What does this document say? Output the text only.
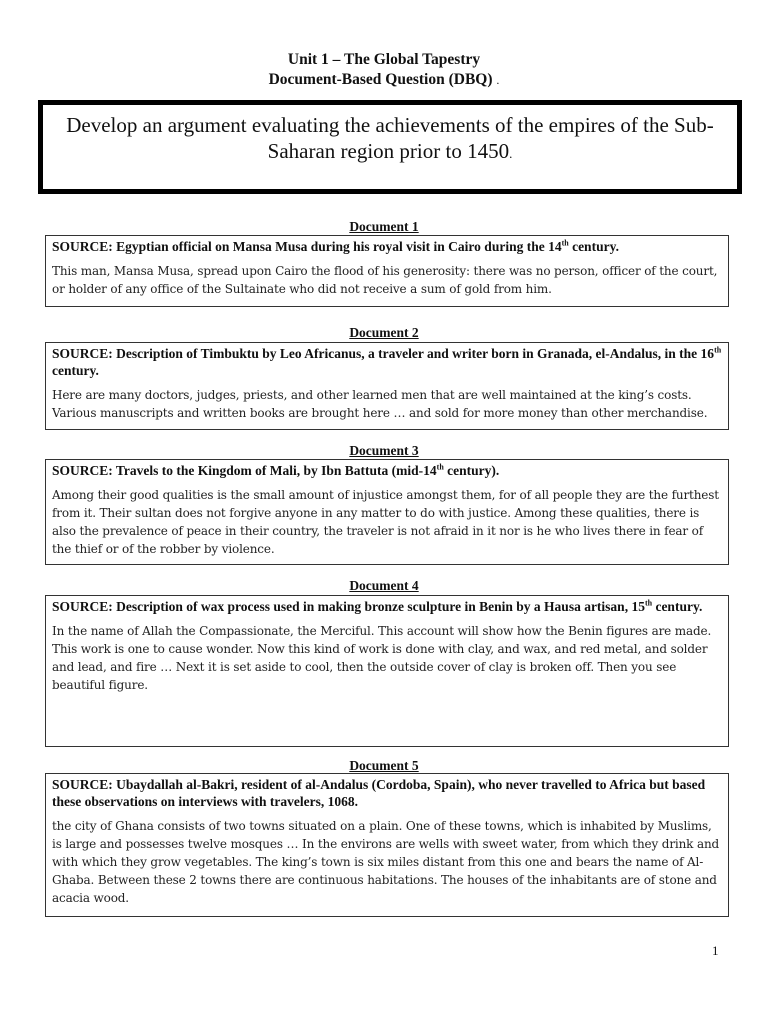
Unit 1 – The Global Tapestry
Document-Based Question (DBQ) .
Develop an argument evaluating the achievements of the empires of the Sub-Saharan region prior to 1450.
Document 1
SOURCE: Egyptian official on Mansa Musa during his royal visit in Cairo during the 14th century.
This man, Mansa Musa, spread upon Cairo the flood of his generosity: there was no person, officer of the court, or holder of any office of the Sultainate who did not receive a sum of gold from him.
Document 2
SOURCE: Description of Timbuktu by Leo Africanus, a traveler and writer born in Granada, el-Andalus, in the 16th century.
Here are many doctors, judges, priests, and other learned men that are well maintained at the king’s costs. Various manuscripts and written books are brought here … and sold for more money than other merchandise.
Document 3
SOURCE: Travels to the Kingdom of Mali, by Ibn Battuta (mid-14th century).
Among their good qualities is the small amount of injustice amongst them, for of all people they are the furthest from it. Their sultan does not forgive anyone in any matter to do with justice. Among these qualities, there is also the prevalence of peace in their country, the traveler is not afraid in it nor is he who lives there in fear of the thief or of the robber by violence.
Document 4
SOURCE: Description of wax process used in making bronze sculpture in Benin by a Hausa artisan, 15th century.
In the name of Allah the Compassionate, the Merciful. This account will show how the Benin figures are made. This work is one to cause wonder. Now this kind of work is done with clay, and wax, and red metal, and solder and lead, and fire … Next it is set aside to cool, then the outside cover of clay is broken off. Then you see beautiful figure.
Document 5
SOURCE: Ubaydallah al-Bakri, resident of al-Andalus (Cordoba, Spain), who never travelled to Africa but based these observations on interviews with travelers, 1068.
the city of Ghana consists of two towns situated on a plain. One of these towns, which is inhabited by Muslims, is large and possesses twelve mosques … In the environs are wells with sweet water, from which they drink and with which they grow vegetables. The king’s town is six miles distant from this one and bears the name of Al-Ghaba. Between these 2 towns there are continuous habitations. The houses of the inhabitants are of stone and acacia wood.
1
